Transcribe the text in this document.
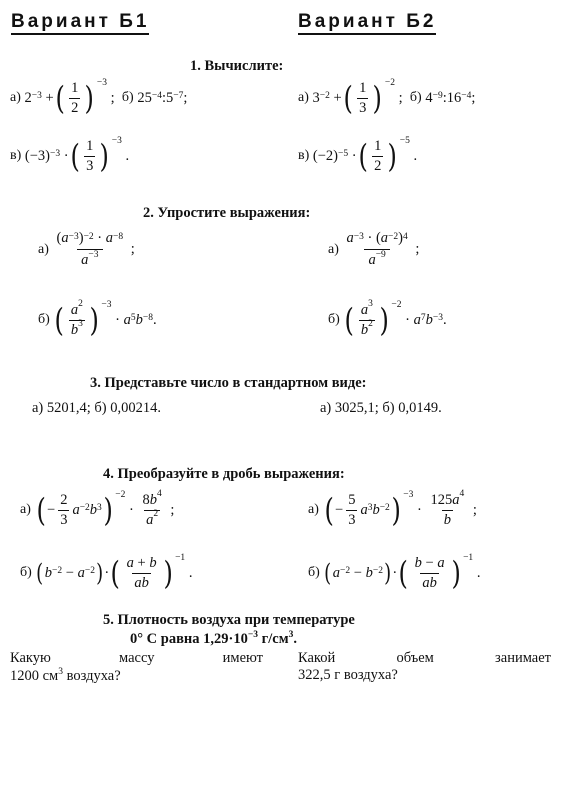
Вариант Б1	Вариант Б2
1. Вычислите:
а) $2^{-3}$ + ( $\frac{1}{2}$ ) −3
; б)
$25^{-4}$ $:5^{-7}$ ;	а) $3^{-2}$ + ( $\frac{1}{3}$ ) −2
; б) $4^{-9}$ $:16^{-4}$ ;
в) $(-3)^{-3}$ · ( $\frac{1}{3}$ ) −3
.	в) $(-2)^{-5}$ · ( $\frac{1}{2}$ ) −5
.
2. Упростите выражения:
а)
$\frac{( a^{-3} )^{-2} \cdot a^{-8}}{a^{-3}}$ ;	а)
$\frac{a^{-3} \cdot ( a^{-2} )^4}{a^{-9}}$ ;
б)
( $\frac{a^2}{b^3}$ ) −3
· $a^5$ $b^{-8}$ .	б)
( $\frac{a^3}{b^2}$ ) −2
· $a^7$ $b^{-3}$ .
3. Представьте число в стандартном виде:
а) 5201,4; б) 0,00214.	а) 3025,1; б) 0,0149.
4. Преобразуйте в дробь выражения:
а)
( − $\frac{2}{3} a^{-2}$ $b^3$ ) −2
· $\frac{8b^4}{a^2}$ ;	а)
( − $\frac{5}{3} a^3$ $b^{-2}$ ) −3
· $\frac{125a^4}{b}$ ;
б)
( $b^{-2} - a^{-2}$ ) · ( $\frac{a + b}{ab}$ ) −1
.	б)
( $a^{-2} - b^{-2}$ ) · ( $\frac{b - a}{ab}$ ) −1
.
5. Плотность воздуха при температуре
0° С равна $1,29\cdot 10^{-3}$ $г/см^3$.
Какую	массу	имеют
1200 $см^3$ воздуха?
Какой	объем	занимает
322,5 г воздуха?
